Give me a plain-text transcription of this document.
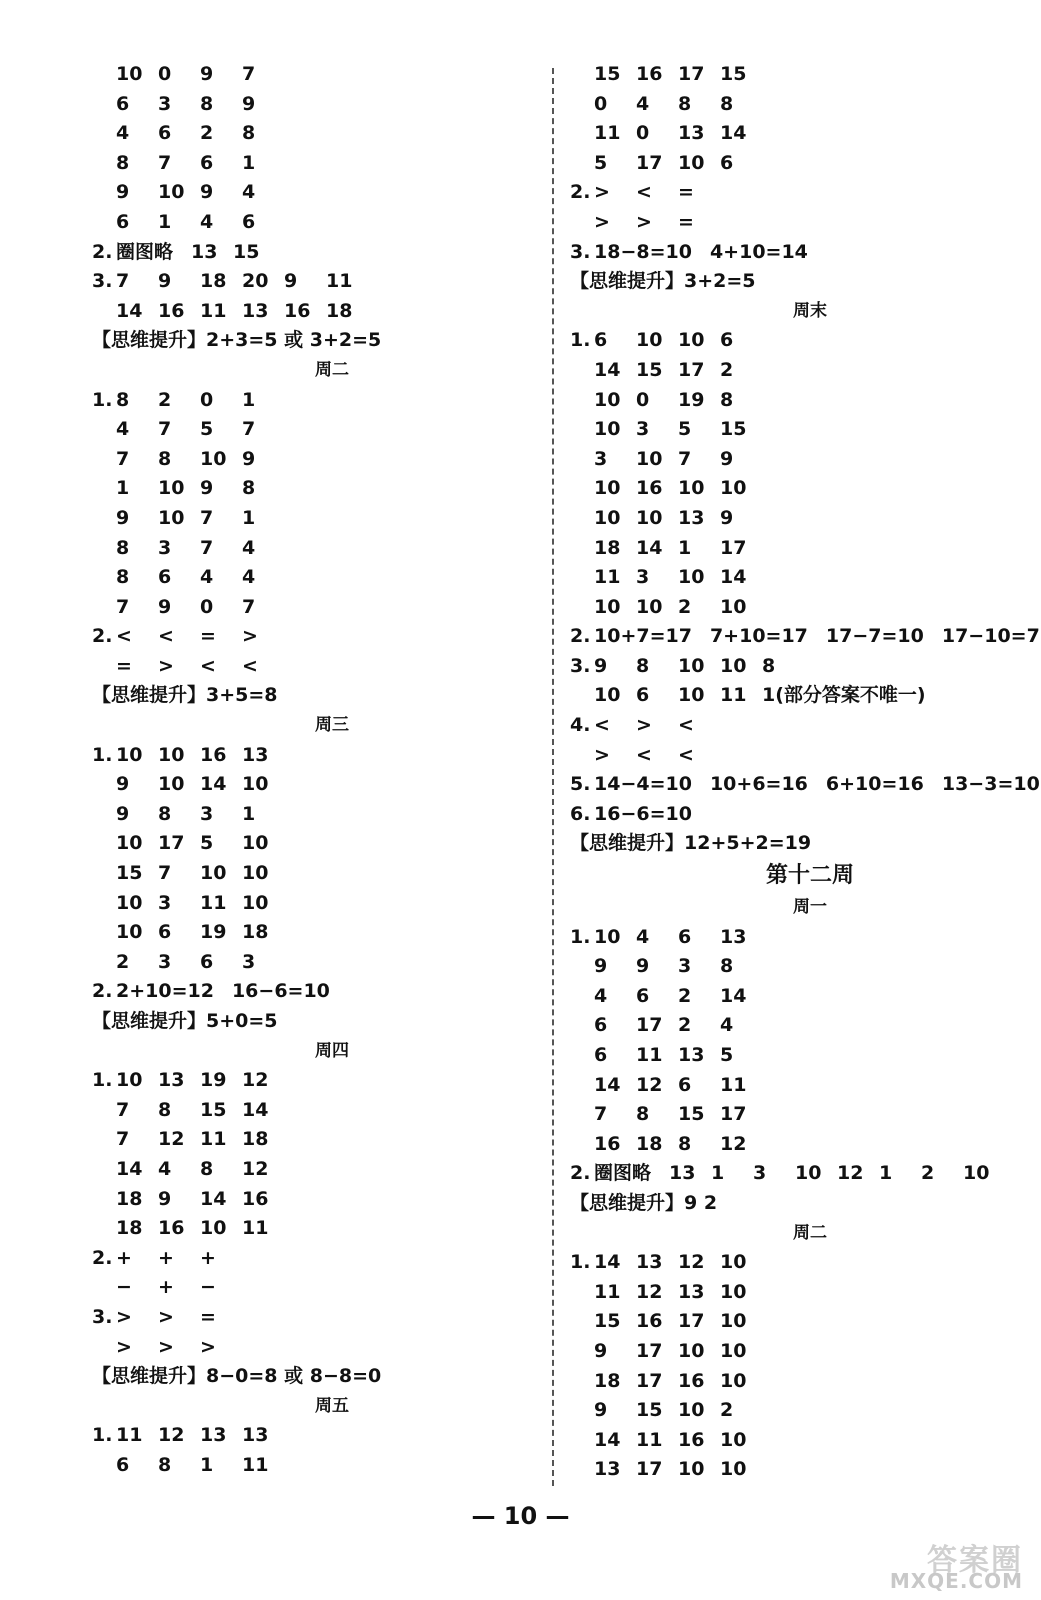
10 0 9 7
6 3 8 9
4 6 2 8
8 7 6 1
9 10 9 4
6 1 4 6
2. 圈图略 13 15
3. 7 9 18 20 9 11
14 16 11 13 16 18
【思维提升】2+3=5 或 3+2=5
周二
1. 8 2 0 1
4 7 5 7
7 8 10 9
1 10 9 8
9 10 7 1
8 3 7 4
8 6 4 4
7 9 0 7
2. < < = >
= > < <
【思维提升】3+5=8
周三
1. 10 10 16 13
9 10 14 10
9 8 3 1
10 17 5 10
15 7 10 10
10 3 11 10
10 6 19 18
2 3 6 3
2. 2+10=12 16−6=10
【思维提升】5+0=5
周四
1. 10 13 19 12
7 8 15 14
7 12 11 18
14 4 8 12
18 9 14 16
18 16 10 11
2. + + +
− + −
3. > > =
> > >
【思维提升】8−0=8 或 8−8=0
周五
1. 11 12 13 13
6 8 1 11
15 16 17 15
0 4 8 8
11 0 13 14
5 17 10 6
2. > < =
> > =
3. 18−8=10 4+10=14
【思维提升】3+2=5
周末
1. 6 10 10 6
14 15 17 2
10 0 19 8
10 3 5 15
3 10 7 9
10 16 10 10
10 10 13 9
18 14 1 17
11 3 10 14
10 10 2 10
2. 10+7=17 7+10=17 17−7=10 17−10=7
3. 9 8 10 10 8
10 6 10 11 1(部分答案不唯一)
4. < > <
> < <
5. 14−4=10 10+6=16 6+10=16 13−3=10
6. 16−6=10
【思维提升】12+5+2=19
第十二周
周一
1. 10 4 6 13
9 9 3 8
4 6 2 14
6 17 2 4
6 11 13 5
14 12 6 11
7 8 15 17
16 18 8 12
2. 圈图略 13 1 3 10 12 1 2 10
【思维提升】9 2
周二
1. 14 13 12 10
11 12 13 10
15 16 17 10
9 17 10 10
18 17 16 10
9 15 10 2
14 11 16 10
13 17 10 10
— 10 —
答案圈
MXQE.COM
